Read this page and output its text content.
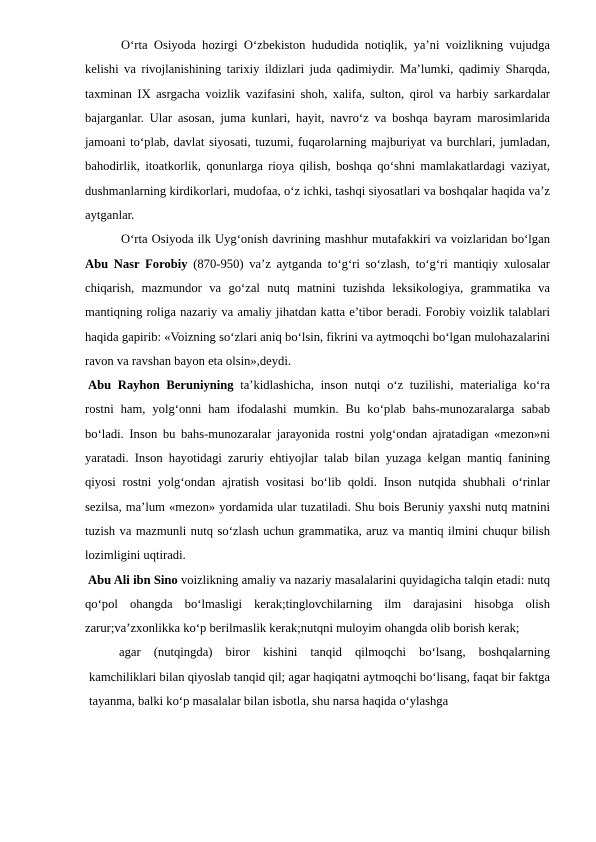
O‘rta Osiyoda hozirgi O‘zbekiston hududida notiqlik, ya’ni voizlikning vujudga kelishi va rivojlanishining tarixiy ildizlari juda qadimiydir. Ma’lumki, qadimiy Sharqda, taxminan IX asrgacha voizlik vazifasini shoh, xalifa, sulton, qirol va harbiy sarkardalar bajarganlar. Ular asosan, juma kunlari, hayit, navro‘z va boshqa bayram marosimlarida jamoani to‘plab, davlat siyosati, tuzumi, fuqarolarning majburiyat va burchlari, jumladan, bahodirlik, itoatkorlik, qonunlarga rioya qilish, boshqa qo‘shni mamlakatlardagi vaziyat, dushmanlarning kirdikorlari, mudofaa, o‘z ichki, tashqi siyosatlari va boshqalar haqida va’z aytganlar.

O‘rta Osiyoda ilk Uyg‘onish davrining mashhur mutafakkiri va voizlaridan bo‘lgan Abu Nasr Forobiy (870-950) va’z aytganda to‘g‘ri so‘zlash, to‘g‘ri mantiqiy xulosalar chiqarish, mazmundor va go‘zal nutq matnini tuzishda leksikologiya, grammatika va mantiqning roliga nazariy va amaliy jihatdan katta e’tibor beradi. Forobiy voizlik talablari haqida gapirib: «Voizning so‘zlari aniq bo‘lsin, fikrini va aytmoqchi bo‘lgan mulohazalarini ravon va ravshan bayon eta olsin»,deydi.

Abu Rayhon Beruniyning ta’kidlashicha, inson nutqi o‘z tuzilishi, materialiga ko‘ra rostni ham, yolg‘onni ham ifodalashi mumkin. Bu ko‘plab bahs-munozaralarga sabab bo‘ladi. Inson bu bahs-munozaralar jarayonida rostni yolg‘ondan ajratadigan «mezon»ni yaratadi. Inson hayotidagi zaruriy ehtiyojlar talab bilan yuzaga kelgan mantiq fanining qiyosi rostni yolg‘ondan ajratish vositasi bo‘lib qoldi. Inson nutqida shubhali o‘rinlar sezilsa, ma’lum «mezon» yordamida ular tuzatiladi. Shu bois Beruniy yaxshi nutq matnini tuzish va mazmunli nutq so‘zlash uchun grammatika, aruz va mantiq ilmini chuqur bilish lozimligini uqtiradi.

Abu Ali ibn Sino voizlikning amaliy va nazariy masalalarini quyidagicha talqin etadi: nutq qo‘pol ohangda bo‘lmasligi kerak;tinglovchilarning ilm darajasini hisobga olish zarur;va’zxonlikka ko‘p berilmaslik kerak;nutqni muloyim ohangda olib borish kerak;

agar (nutqingda) biror kishini tanqid qilmoqchi bo‘lsang, boshqalarning kamchiliklari bilan qiyoslab tanqid qil; agar haqiqatni aytmoqchi bo‘lisang, faqat bir faktga tayanma, balki ko‘p masalalar bilan isbotla, shu narsa haqida o‘ylashga
